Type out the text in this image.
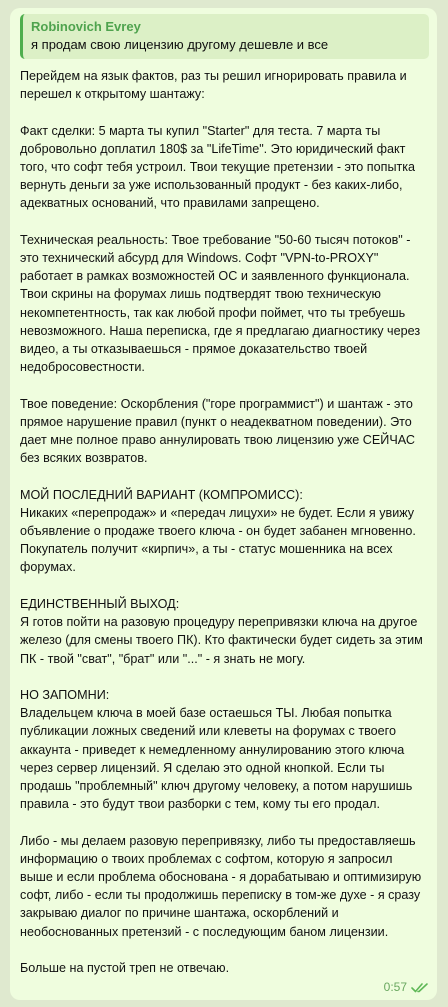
Robinovich Evrey
я продам свою лицензию другому дешевле и все

Перейдем на язык фактов, раз ты решил игнорировать правила и перешел к открытому шантажу:

Факт сделки: 5 марта ты купил "Starter" для теста. 7 марта ты добровольно доплатил 180$ за "LifeTime". Это юридический факт того, что софт тебя устроил. Твои текущие претензии - это попытка вернуть деньги за уже использованный продукт - без каких-либо, адекватных оснований, что правилами запрещено.

Техническая реальность: Твое требование "50-60 тысяч потоков" - это технический абсурд для Windows. Софт "VPN-to-PROXY" работает в рамках возможностей ОС и заявленного функционала. Твои скрины на форумах лишь подтвердят твою техническую некомпетентность, так как любой профи поймет, что ты требуешь невозможного. Наша переписка, где я предлагаю диагностику через видео, а ты отказываешься - прямое доказательство твоей недобросовестности.

Твое поведение: Оскорбления ("горе программист") и шантаж - это прямое нарушение правил (пункт о неадекватном поведении). Это дает мне полное право аннулировать твою лицензию уже СЕЙЧАС без всяких возвратов.

МОЙ ПОСЛЕДНИЙ ВАРИАНТ (КОМПРОМИСС):
Никаких «перепродаж» и «передач лицухи» не будет. Если я увижу объявление о продаже твоего ключа - он будет забанен мгновенно. Покупатель получит «кирпич», а ты - статус мошенника на всех форумах.

ЕДИНСТВЕННЫЙ ВЫХОД:
Я готов пойти на разовую процедуру перепривязки ключа на другое железо (для смены твоего ПК). Кто фактически будет сидеть за этим ПК - твой "сват", "брат" или "..." - я знать не могу.

НО ЗАПОМНИ:
Владельцем ключа в моей базе остаешься ТЫ. Любая попытка публикации ложных сведений или клеветы на форумах с твоего аккаунта - приведет к немедленному аннулированию этого ключа через сервер лицензий. Я сделаю это одной кнопкой. Если ты продашь "проблемный" ключ другому человеку, а потом нарушишь правила - это будут твои разборки с тем, кому ты его продал.

Либо - мы делаем разовую перепривязку, либо ты предоставляешь информацию о твоих проблемах с софтом, которую я запросил выше и если проблема обоснована - я дорабатываю и оптимизирую софт, либо - если ты продолжишь переписку в том-же духе - я сразу закрываю диалог по причине шантажа, оскорблений и необоснованных претензий - с последующим баном лицензии.

Больше на пустой треп не отвечаю.

0:57
